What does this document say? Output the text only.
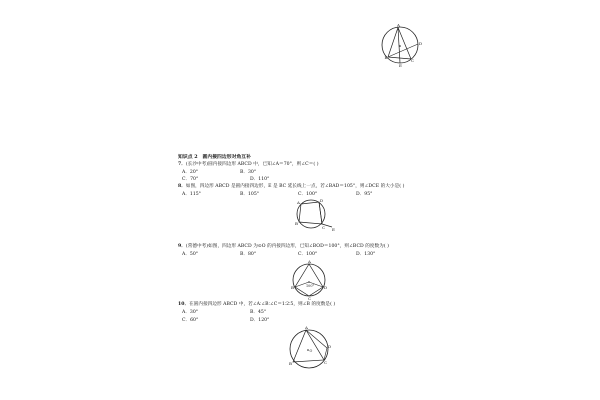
A
B
C
D
E
知识点 2　 圆内接四边形对角互补
7．(长沙中考)圆内接四边形 ABCD 中，已知∠A＝70°，则∠C＝( )
A．20°	B．30°
C．70°	D．110°
8．如图，四边形 ABCD 是圆内接四边形，E 是 BC 延长线上一点，若∠BAD＝105°，则∠DCE 的大小是( )
A．115°	B．105°	C．100°	D．95°
A
B
C
D
E
9．(常德中考)如图，四边形 ABCD 为⊙O 的内接四边形，已知∠BOD＝100°，则∠BCD 的度数为( )
A．50°	B．80°	C．100°	D．130°
100°
A
B
C
D
10．在圆内接四边形 ABCD 中，若∠A∶∠B∶∠C＝1∶2∶5，则∠B 的度数是( )
A．30°	B．45°
C．60°	D．120°
O
A
B	C
D
